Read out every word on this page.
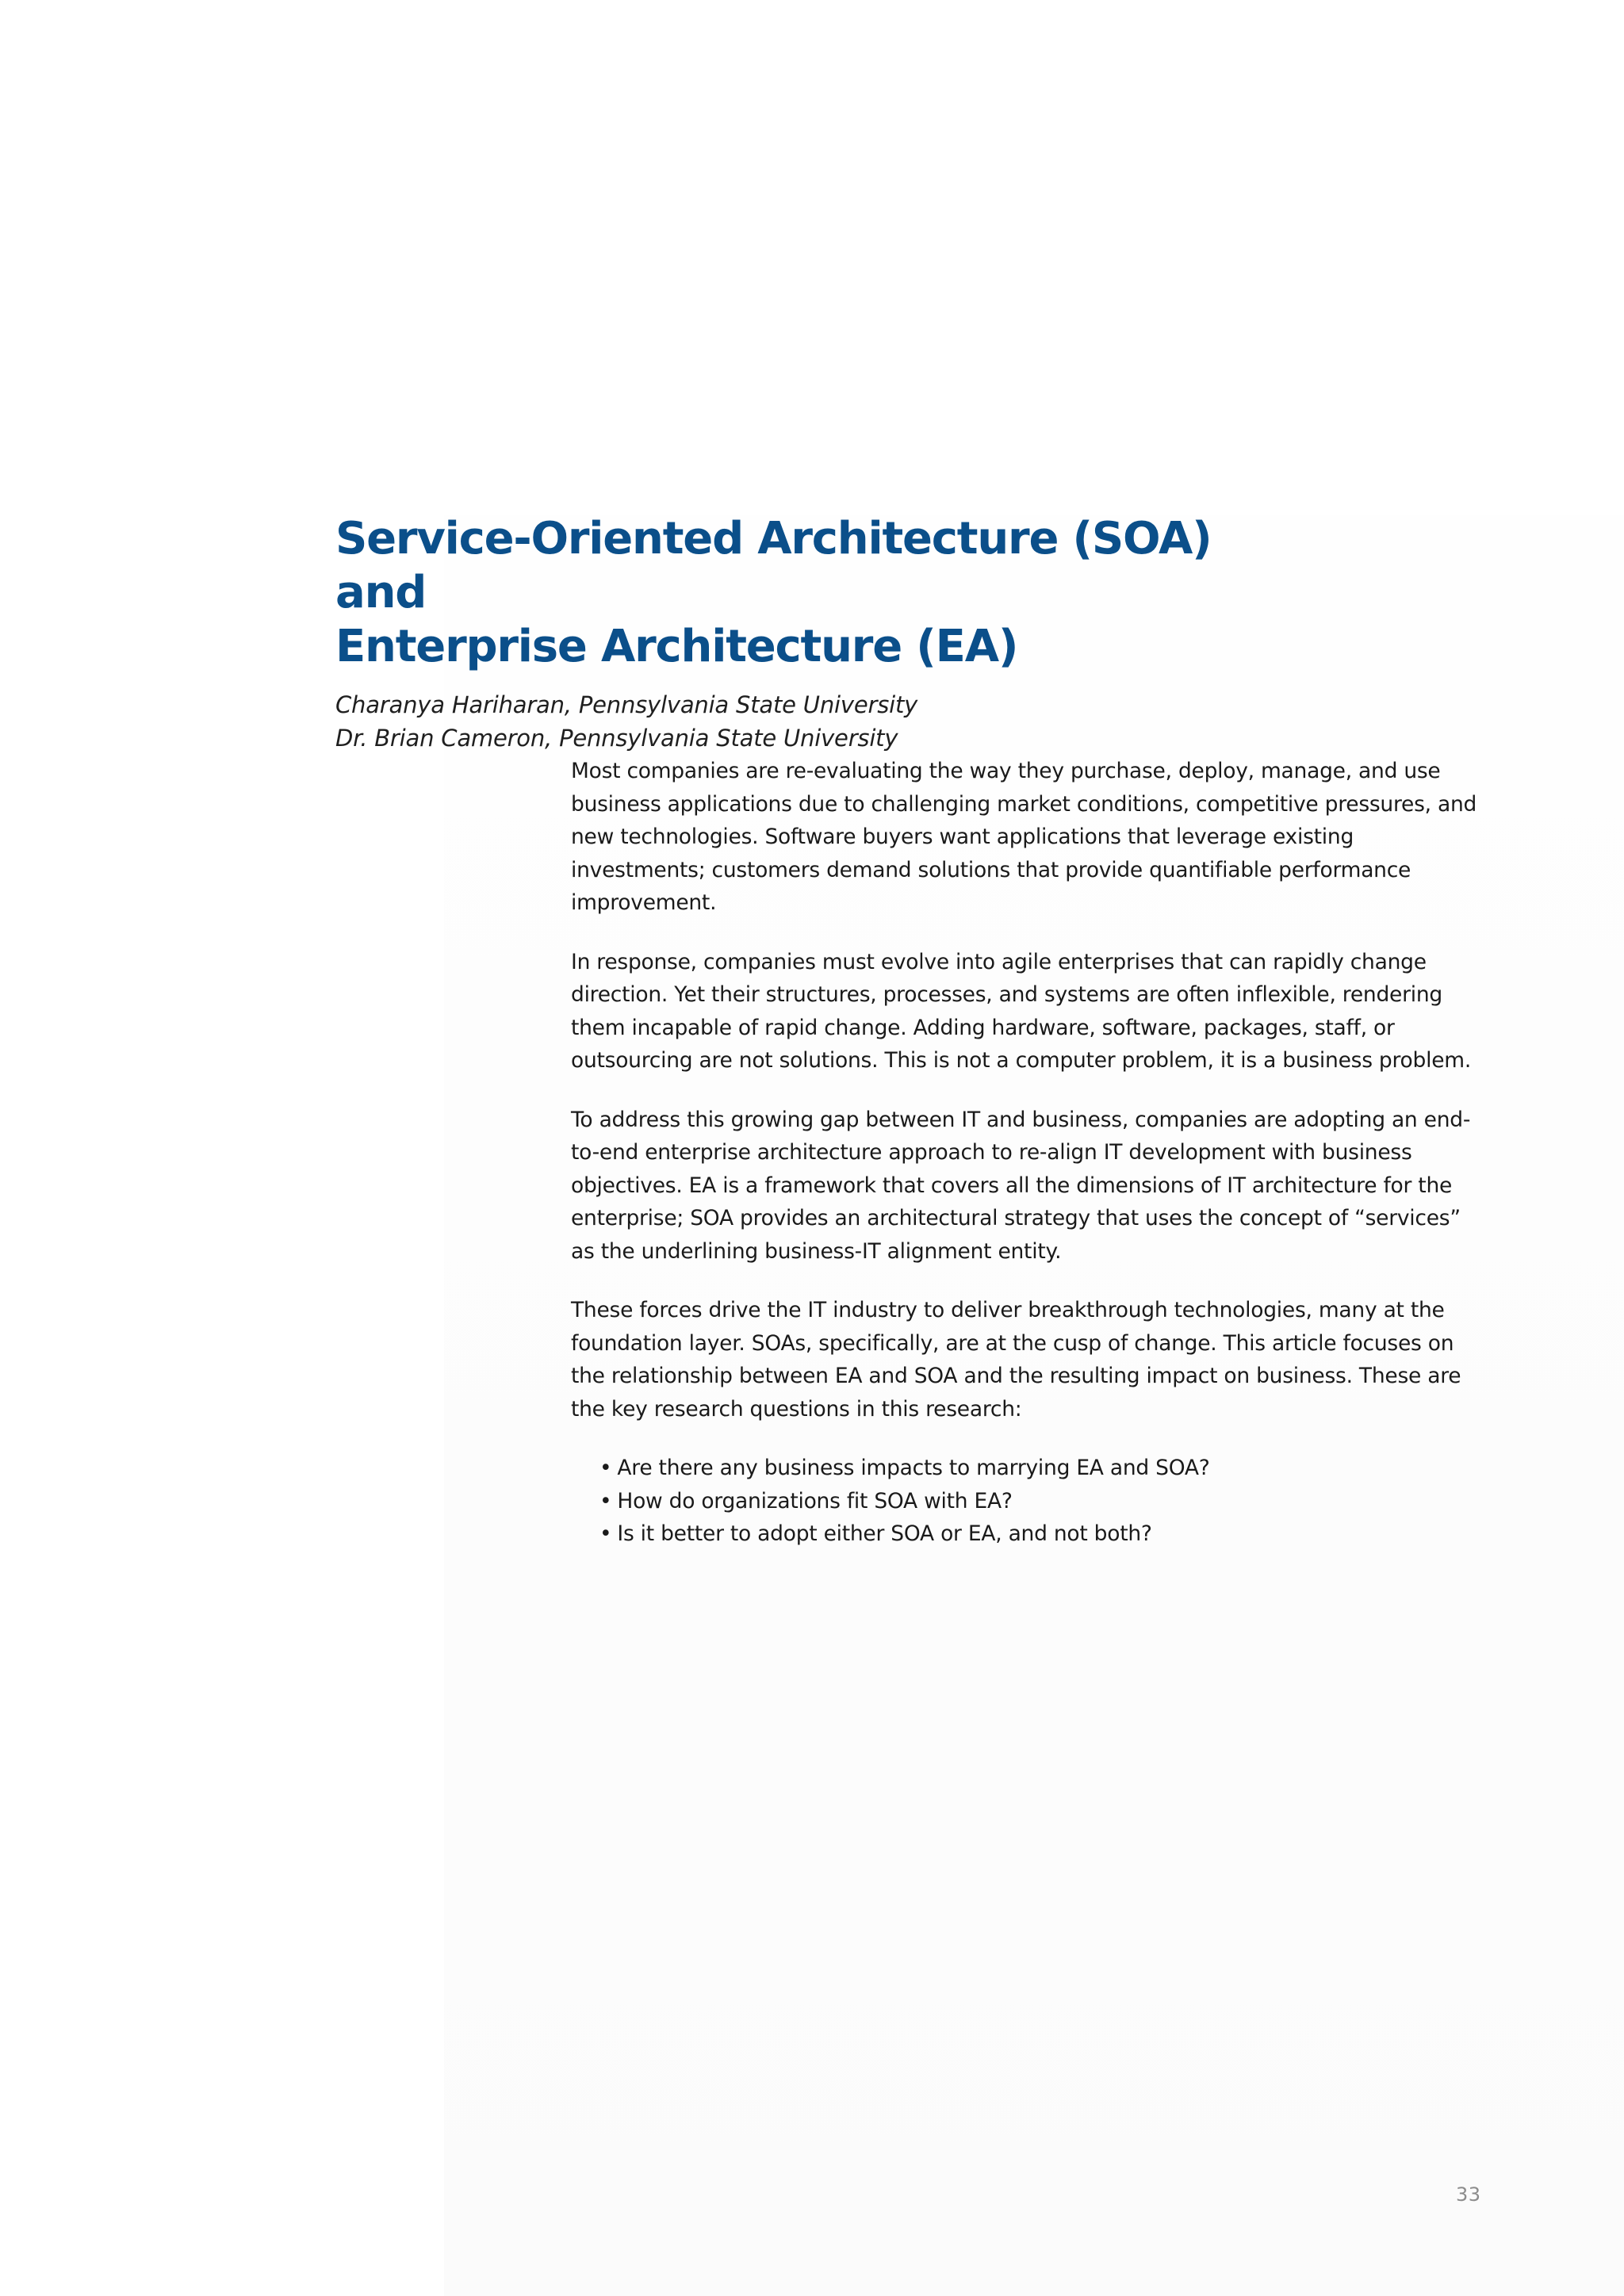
Service-Oriented Architecture (SOA) and
Enterprise Architecture (EA)
Charanya Hariharan, Pennsylvania State University
Dr. Brian Cameron, Pennsylvania State University

Most companies are re-evaluating the way they purchase, deploy, manage, and use business applications due to challenging market conditions, competitive pressures, and new technologies. Software buyers want applications that leverage existing investments; customers demand solutions that provide quantifiable performance improvement.

In response, companies must evolve into agile enterprises that can rapidly change direction. Yet their structures, processes, and systems are often inflexible, rendering them incapable of rapid change. Adding hardware, software, packages, staff, or outsourcing are not solutions. This is not a computer problem, it is a business problem.

To address this growing gap between IT and business, companies are adopting an end-to-end enterprise architecture approach to re-align IT development with business objectives. EA is a framework that covers all the dimensions of IT architecture for the enterprise; SOA provides an architectural strategy that uses the concept of “services” as the underlining business-IT alignment entity.

These forces drive the IT industry to deliver breakthrough technologies, many at the foundation layer. SOAs, specifically, are at the cusp of change. This article focuses on the relationship between EA and SOA and the resulting impact on business. These are the key research questions in this research:

• Are there any business impacts to marrying EA and SOA?
• How do organizations fit SOA with EA?
• Is it better to adopt either SOA or EA, and not both?
33
